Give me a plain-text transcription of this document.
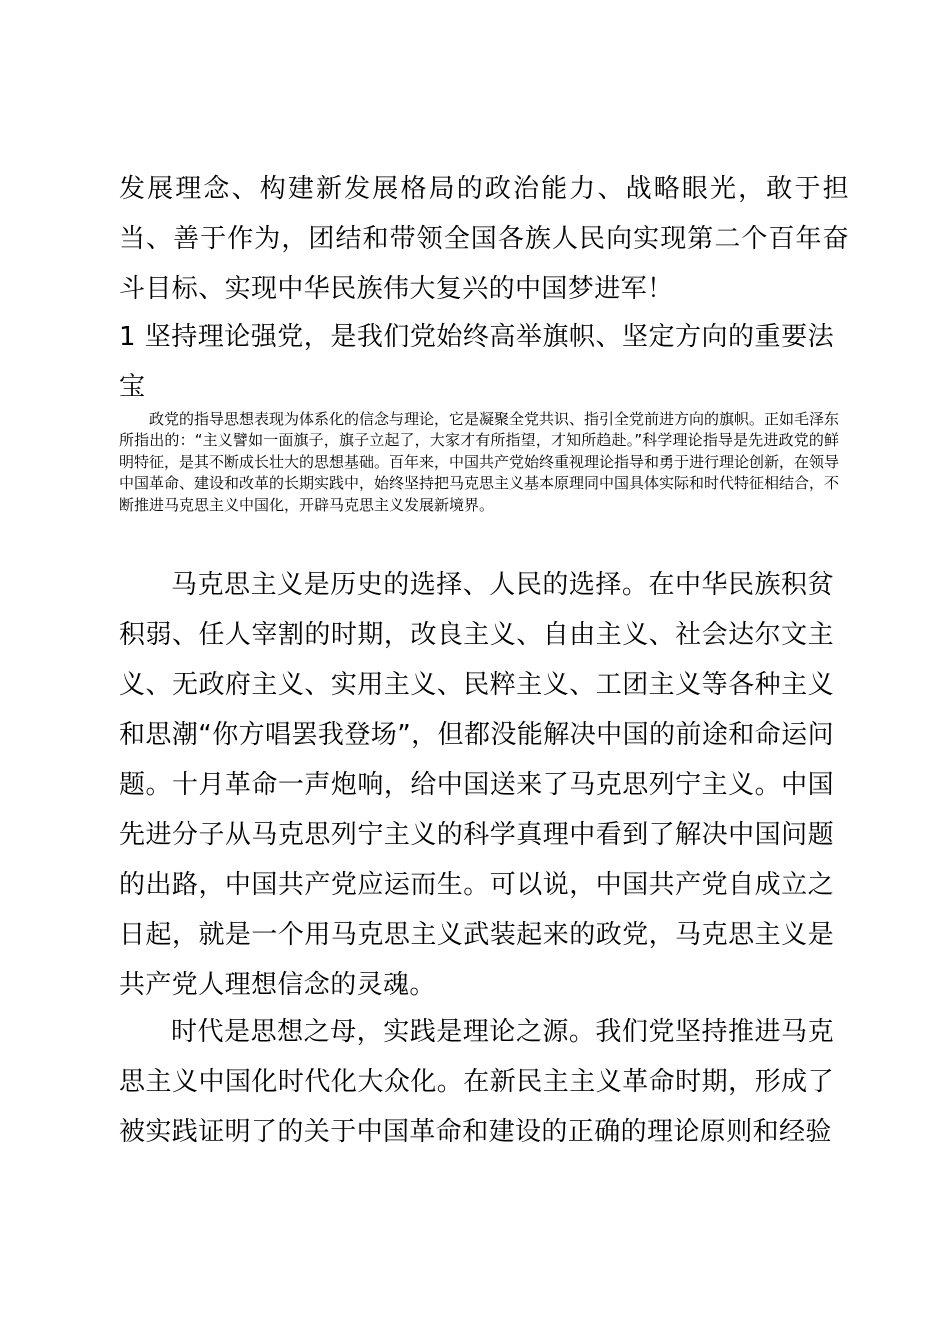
发展理念、构建新发展格局的政治能力、战略眼光，敢于担当、善于作为，团结和带领全国各族人民向实现第二个百年奋斗目标、实现中华民族伟大复兴的中国梦进军！

1 坚持理论强党，是我们党始终高举旗帜、坚定方向的重要法宝

政党的指导思想表现为体系化的信念与理论，它是凝聚全党共识、指引全党前进方向的旗帜。正如毛泽东所指出的：“主义譬如一面旗子，旗子立起了，大家才有所指望，才知所趋赴。”科学理论指导是先进政党的鲜明特征，是其不断成长壮大的思想基础。百年来，中国共产党始终重视理论指导和勇于进行理论创新，在领导中国革命、建设和改革的长期实践中，始终坚持把马克思主义基本原理同中国具体实际和时代特征相结合，不断推进马克思主义中国化，开辟马克思主义发展新境界。

马克思主义是历史的选择、人民的选择。在中华民族积贫积弱、任人宰割的时期，改良主义、自由主义、社会达尔文主义、无政府主义、实用主义、民粹主义、工团主义等各种主义和思潮“你方唱罢我登场”，但都没能解决中国的前途和命运问题。十月革命一声炮响，给中国送来了马克思列宁主义。中国先进分子从马克思列宁主义的科学真理中看到了解决中国问题的出路，中国共产党应运而生。可以说，中国共产党自成立之日起，就是一个用马克思主义武装起来的政党，马克思主义是共产党人理想信念的灵魂。

时代是思想之母，实践是理论之源。我们党坚持推进马克思主义中国化时代化大众化。在新民主主义革命时期，形成了被实践证明了的关于中国革命和建设的正确的理论原则和经验
